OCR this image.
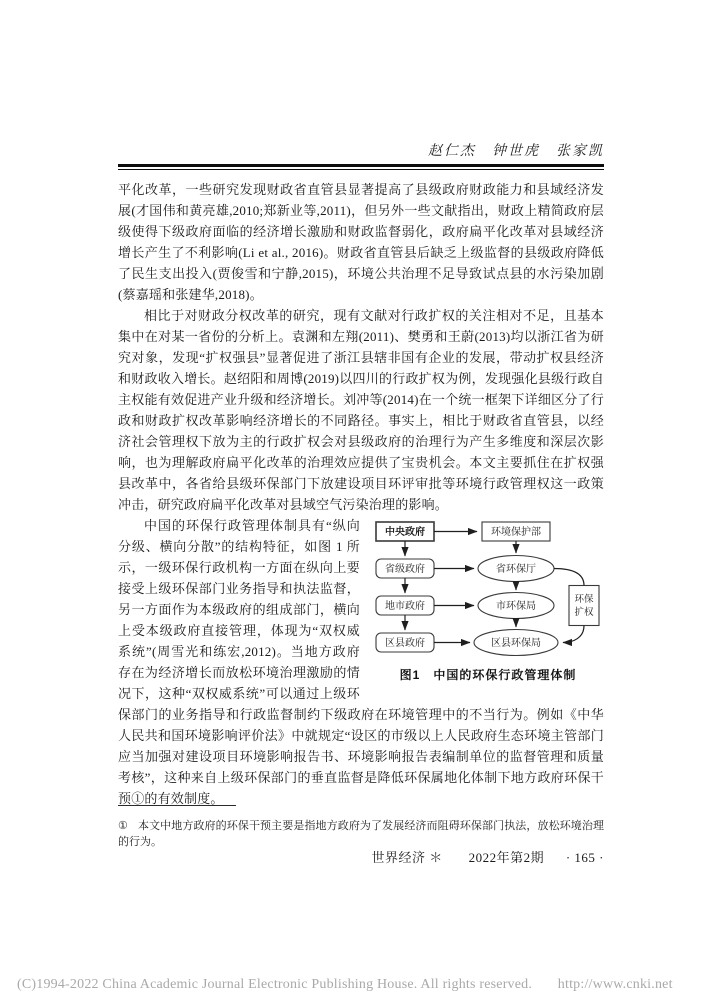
赵仁杰　钟世虎　张家凯

平化改革，一些研究发现财政省直管县显著提高了县级政府财政能力和县域经济发展(才国伟和黄亮雄,2010;郑新业等,2011)，但另外一些文献指出，财政上精简政府层级使得下级政府面临的经济增长激励和财政监督弱化，政府扁平化改革对县域经济增长产生了不利影响(Li et al., 2016)。财政省直管县后缺乏上级监督的县级政府降低了民生支出投入(贾俊雪和宁静,2015)，环境公共治理不足导致试点县的水污染加剧(蔡嘉瑶和张建华,2018)。

相比于对财政分权改革的研究，现有文献对行政扩权的关注相对不足，且基本集中在对某一省份的分析上。袁渊和左翔(2011)、樊勇和王蔚(2013)均以浙江省为研究对象，发现“扩权强县”显著促进了浙江县辖非国有企业的发展，带动扩权县经济和财政收入增长。赵绍阳和周博(2019)以四川的行政扩权为例，发现强化县级行政自主权能有效促进产业升级和经济增长。刘冲等(2014)在一个统一框架下详细区分了行政和财政扩权改革影响经济增长的不同路径。事实上，相比于财政省直管县，以经济社会管理权下放为主的行政扩权会对县级政府的治理行为产生多维度和深层次影响，也为理解政府扁平化改革的治理效应提供了宝贵机会。本文主要抓住在扩权强县改革中，各省给县级环保部门下放建设项目环评审批等环境行政管理权这一政策冲击，研究政府扁平化改革对县域空气污染治理的影响。

中央政府	环境保护部
省级政府	省环保厅
地市政府	市环保局
区县政府	区县环保局
环保
扩权
图1　中国的环保行政管理体制

中国的环保行政管理体制具有“纵向分级、横向分散”的结构特征，如图 1 所示，一级环保行政机构一方面在纵向上要接受上级环保部门业务指导和执法监督，另一方面作为本级政府的组成部门，横向上受本级政府直接管理，体现为“双权威系统”(周雪光和练宏,2012)。当地方政府存在为经济增长而放松环境治理激励的情况下，这种“双权威系统”可以通过上级环保部门的业务指导和行政监督制约下级政府在环境管理中的不当行为。例如《中华人民共和国环境影响评价法》中就规定“设区的市级以上人民政府生态环境主管部门应当加强对建设项目环境影响报告书、环境影响报告表编制单位的监督管理和质量考核”，这种来自上级环保部门的垂直监督是降低环保属地化体制下地方政府环保干预①的有效制度。

① 本文中地方政府的环保干预主要是指地方政府为了发展经济而阻碍环保部门执法，放松环境治理的行为。
世界经济 ＊ 2022年第2期 · 165 ·
(C)1994-2022 China Academic Journal Electronic Publishing House. All rights reserved. http://www.cnki.net
